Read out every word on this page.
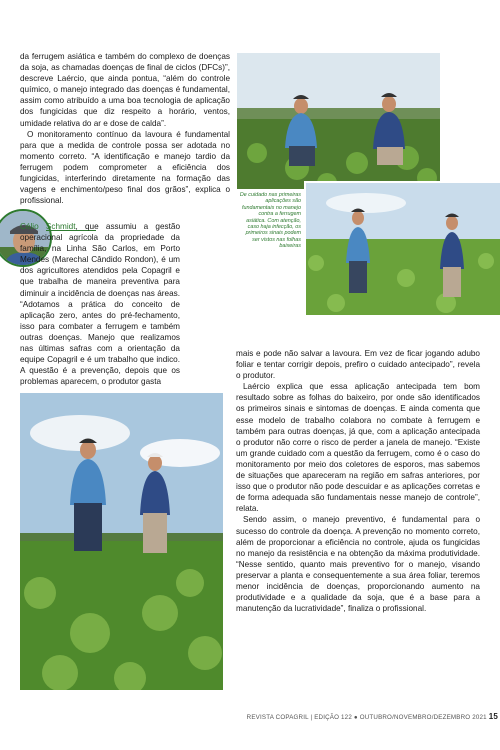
da ferrugem asiática e também do complexo de doenças da soja, as chamadas doenças de final de ciclos (DFCs)”, descreve Laércio, que ainda pontua, “além do controle químico, o manejo integrado das doenças é fundamental, assim como atribuído a uma boa tecnologia de aplicação dos fungicidas que diz respeito a horário, ventos, umidade relativa do ar e dose de calda”.

O monitoramento contínuo da lavoura é fundamental para que a medida de controle possa ser adotada no momento correto. “A identificação e manejo tardio da ferrugem podem comprometer a eficiência dos fungicidas, interferindo diretamente na formação das vagens e enchimento/peso final dos grãos”, explica o profissional.

Célio Schmidt, que assumiu a gestão operacional agrícola da propriedade da família, na Linha São Carlos, em Porto Mendes (Marechal Cândido Rondon), é um dos agricultores atendidos pela Copagril e que trabalha de maneira preventiva para diminuir a incidência de doenças nas áreas. “Adotamos a prática do conceito de aplicação zero, antes do pré-fechamento, isso para combater a ferrugem e também outras doenças. Manejo que realizamos nas últimas safras com a orientação da equipe Copagril e é um trabalho que indico. A questão é a prevenção, depois que os problemas aparecem, o produtor gasta

De cuidado nas primeiras aplicações são fundamentais no manejo contra a ferrugem asiática. Com atenção, caso haja infecção, os primeiros sinais podem ser vistos nas folhas baixeiras

mais e pode não salvar a lavoura. Em vez de ficar jogando adubo foliar e tentar corrigir depois, prefiro o cuidado antecipado”, revela o produtor.

Laércio explica que essa aplicação antecipada tem bom resultado sobre as folhas do baixeiro, por onde são identificados os primeiros sinais e sintomas de doenças. E ainda comenta que esse modelo de trabalho colabora no combate à ferrugem e também para outras doenças, já que, com a aplicação antecipada o produtor não corre o risco de perder a janela de manejo. “Existe um grande cuidado com a questão da ferrugem, como é o caso do monitoramento por meio dos coletores de esporos, mas sabemos de situações que apareceram na região em safras anteriores, por isso que o produtor não pode descuidar e as aplicações corretas e de forma adequada são fundamentais nesse manejo de controle”, relata.

Sendo assim, o manejo preventivo, é fundamental para o sucesso do controle da doença. A prevenção no momento correto, além de proporcionar a eficiência no controle, ajuda os fungicidas no manejo da resistência e na obtenção da máxima produtividade. “Nesse sentido, quanto mais preventivo for o manejo, visando preservar a planta e consequentemente a sua área foliar, teremos menor incidência de doenças, proporcionando aumento na produtividade e a qualidade da soja, que é a base para a manutenção da lucratividade”, finaliza o profissional.

REVISTA COPAGRIL | EDIÇÃO 122 ● OUTUBRO/NOVEMBRO/DEZEMBRO 2021 15
